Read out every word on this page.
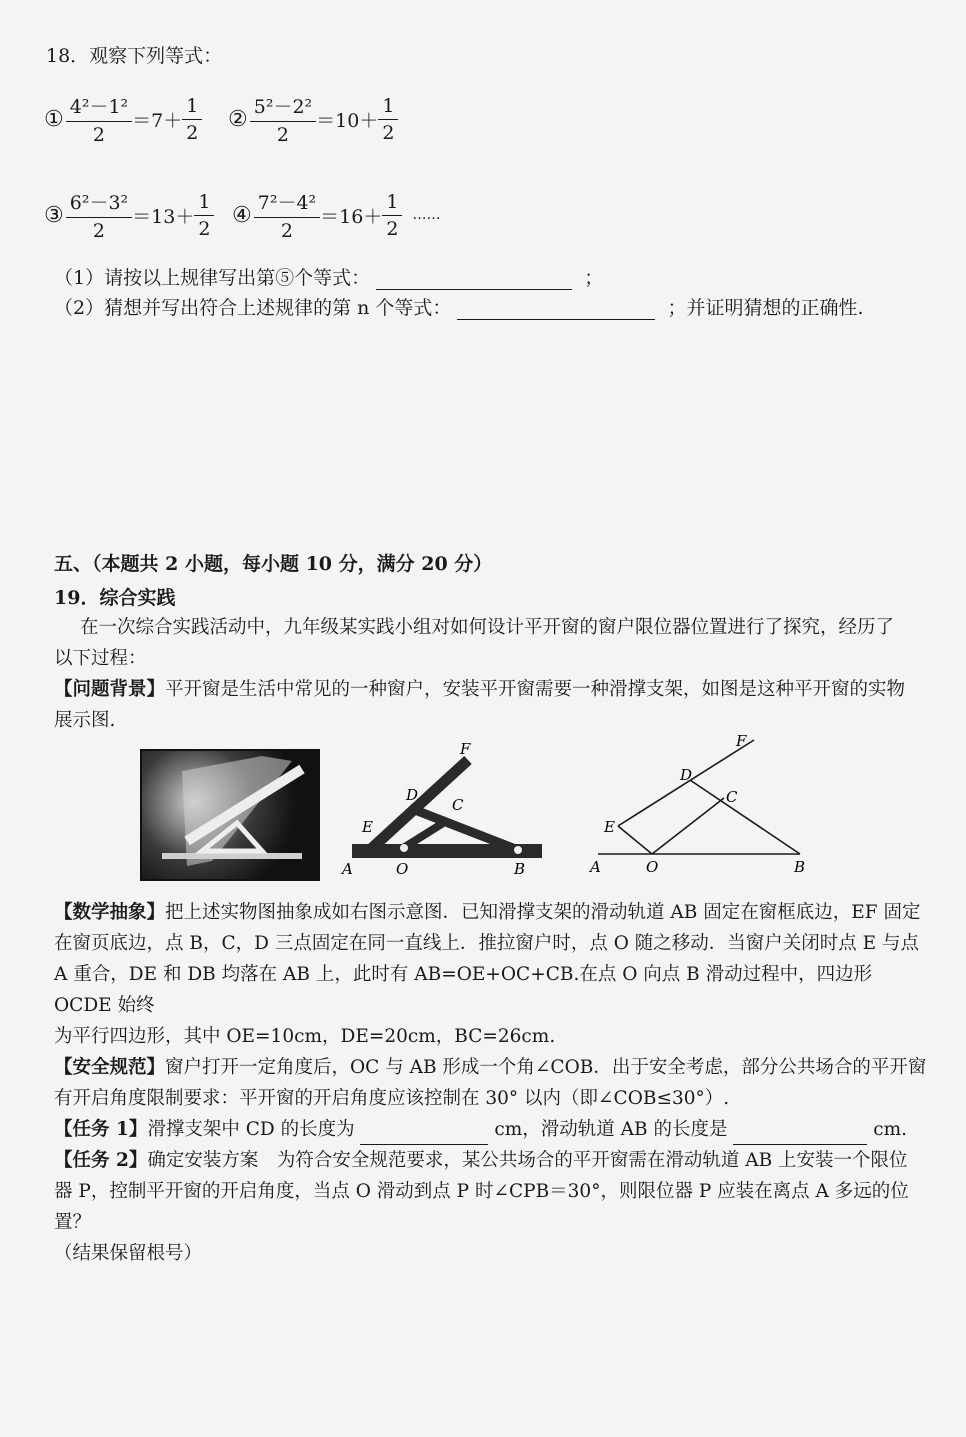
18．观察下列等式：
① $\frac{\text{4²－1²}}{2} =7+ \frac{1}{2}$ ② $\frac{\text{5²－2²}}{2} =10+ \frac{1}{2}$
③ $\frac{\text{6²－3²}}{2} =13+ \frac{1}{2}$ ④ $\frac{\text{7²－4²}}{2} =16+ \frac{1}{2}$ ……
（1）请按以上规律写出第⑤个等式：	；
（2）猜想并写出符合上述规律的第 n 个等式：	；并证明猜想的正确性.
五、（本题共 2 小题，每小题 10 分，满分 20 分）
19．综合实践
在一次综合实践活动中，九年级某实践小组对如何设计平开窗的窗户限位器位置进行了探究，经历了
以下过程：
【问题背景】平开窗是生活中常见的一种窗户，安装平开窗需要一种滑撑支架，如图是这种平开窗的实物
展示图.
A	O	B
E
D
C
F
A	O	B
E
D
C
F
【数学抽象】把上述实物图抽象成如右图示意图．已知滑撑支架的滑动轨道 AB 固定在窗框底边，EF 固定
在窗页底边，点 B，C，D 三点固定在同一直线上．推拉窗户时，点 O 随之移动．当窗户关闭时点 E 与点
A 重合，DE 和 DB 均落在 AB 上，此时有 AB=OE+OC+CB.在点 O 向点 B 滑动过程中，四边形 OCDE 始终
为平行四边形，其中 OE=10cm，DE=20cm，BC=26cm.
【安全规范】窗户打开一定角度后，OC 与 AB 形成一个角∠COB．出于安全考虑，部分公共场合的平开窗
有开启角度限制要求：平开窗的开启角度应该控制在 30° 以内（即∠COB≤30°）.
【任务 1】滑撑支架中 CD 的长度为	cm，滑动轨道 AB 的长度是	cm.
【任务 2】确定安装方案　为符合安全规范要求，某公共场合的平开窗需在滑动轨道 AB 上安装一个限位
器 P，控制平开窗的开启角度，当点 O 滑动到点 P 时∠CPB＝30°，则限位器 P 应装在离点 A 多远的位置？
（结果保留根号）
